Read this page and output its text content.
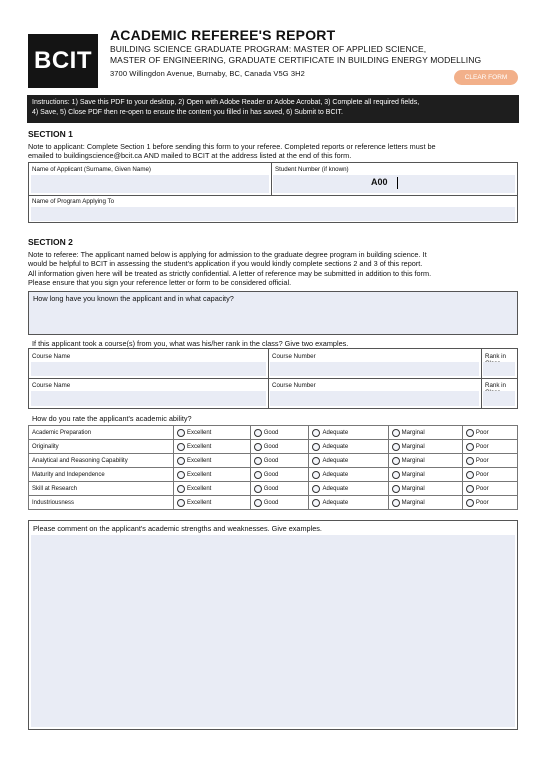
BCIT
ACADEMIC REFEREE'S REPORT
BUILDING SCIENCE GRADUATE PROGRAM: MASTER OF APPLIED SCIENCE,
MASTER OF ENGINEERING, GRADUATE CERTIFICATE IN BUILDING ENERGY MODELLING
3700 Willingdon Avenue, Burnaby, BC, Canada V5G 3H2	CLEAR FORM
Instructions: 1) Save this PDF to your desktop, 2) Open with Adobe Reader or Adobe Acrobat, 3) Complete all required fields,
4) Save, 5) Close PDF then re-open to ensure the content you filled in has saved, 6) Submit to BCIT.
SECTION 1
Note to applicant: Complete Section 1 before sending this form to your referee. Completed reports or reference letters must be
emailed to buildingscience@bcit.ca AND mailed to BCIT at the address listed at the end of this form.
Name of Applicant (Surname, Given Name)	Student Number (if known)
A00
Name of Program Applying To
SECTION 2
Note to referee: The applicant named below is applying for admission to the graduate degree program in building science. It
would be helpful to BCIT in assessing the student's application if you would kindly complete sections 2 and 3 of this report.
All information given here will be treated as strictly confidential. A letter of reference may be submitted in addition to this form.
Please ensure that you sign your reference letter or form to be considered official.
How long have you known the applicant and in what capacity?
If this applicant took a course(s) from you, what was his/her rank in the class? Give two examples.
Course Name	Course Number	Rank in
Course Name	Course Number	Rank in
How do you rate the applicant's academic ability?
Academic Preparation	Excellent	Good	Adequate	Marginal	Poor

Originality	Excellent	Good	Adequate	Marginal	Poor

Analytical and Reasoning Capability	Excellent	Good	Adequate	Marginal	Poor

Maturity and Independence	Excellent	Good	Adequate	Marginal	Poor

Skill at Research	Excellent	Good	Adequate	Marginal	Poor

Industriousness	Excellent	Good	Adequate	Marginal	Poor
Please comment on the applicant's academic strengths and weaknesses. Give examples.
